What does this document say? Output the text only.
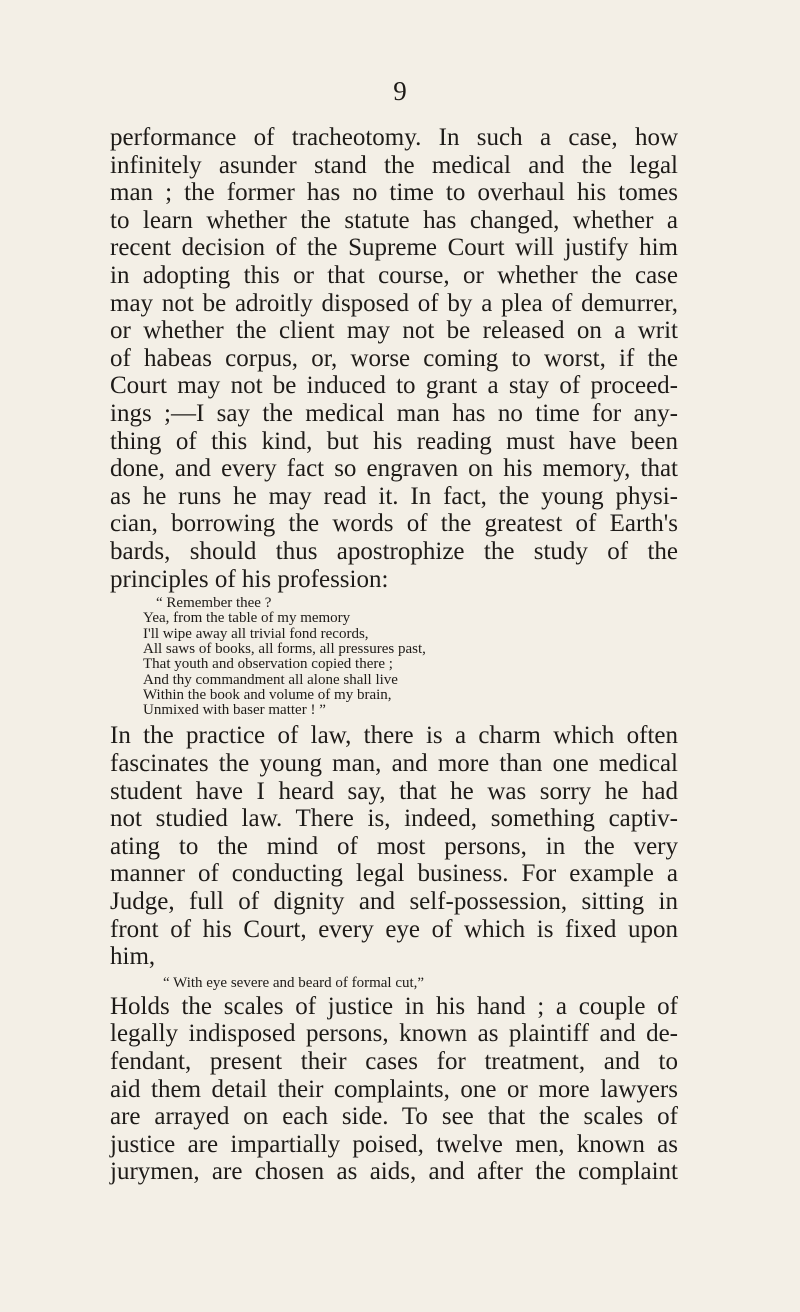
9
performance of tracheotomy. In such a case, how
infinitely asunder stand the medical and the legal
man ; the former has no time to overhaul his tomes
to learn whether the statute has changed, whether a
recent decision of the Supreme Court will justify him
in adopting this or that course, or whether the case
may not be adroitly disposed of by a plea of demurrer,
or whether the client may not be released on a writ
of habeas corpus, or, worse coming to worst, if the
Court may not be induced to grant a stay of proceed-
ings ;—I say the medical man has no time for any-
thing of this kind, but his reading must have been
done, and every fact so engraven on his memory, that
as he runs he may read it. In fact, the young physi-
cian, borrowing the words of the greatest of Earth's
bards, should thus apostrophize the study of the
principles of his profession:
“ Remember thee ?
Yea, from the table of my memory
I'll wipe away all trivial fond records,
All saws of books, all forms, all pressures past,
That youth and observation copied there ;
And thy commandment all alone shall live
Within the book and volume of my brain,
Unmixed with baser matter ! ”
In the practice of law, there is a charm which often
fascinates the young man, and more than one medical
student have I heard say, that he was sorry he had
not studied law. There is, indeed, something captiv-
ating to the mind of most persons, in the very
manner of conducting legal business. For example a
Judge, full of dignity and self-possession, sitting in
front of his Court, every eye of which is fixed upon
him,
“ With eye severe and beard of formal cut,”
Holds the scales of justice in his hand ; a couple of
legally indisposed persons, known as plaintiff and de-
fendant, present their cases for treatment, and to
aid them detail their complaints, one or more lawyers
are arrayed on each side. To see that the scales of
justice are impartially poised, twelve men, known as
jurymen, are chosen as aids, and after the complaint
